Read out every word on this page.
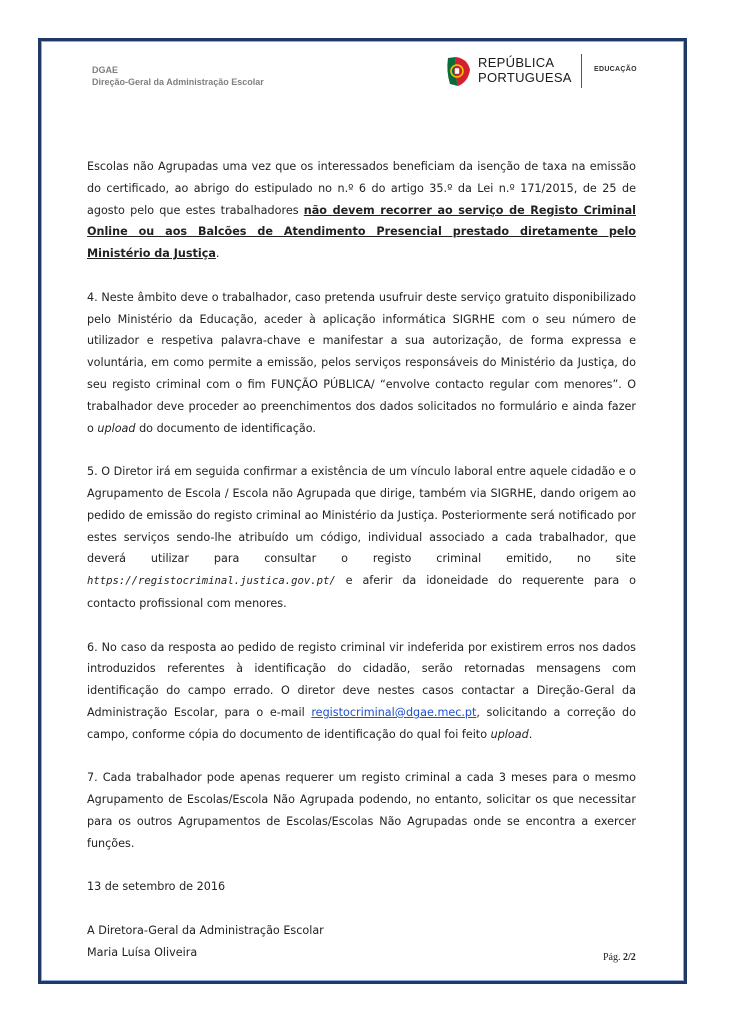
DGAE
Direção-Geral da Administração Escolar
REPÚBLICA
PORTUGUESA
EDUCAÇÃO

Escolas não Agrupadas uma vez que os interessados beneficiam da isenção de taxa na emissão do certificado, ao abrigo do estipulado no n.º 6 do artigo 35.º da Lei n.º 171/2015, de 25 de agosto pelo que estes trabalhadores não devem recorrer ao serviço de Registo Criminal Online ou aos Balcões de Atendimento Presencial prestado diretamente pelo Ministério da Justiça.

4. Neste âmbito deve o trabalhador, caso pretenda usufruir deste serviço gratuito disponibilizado pelo Ministério da Educação, aceder à aplicação informática SIGRHE com o seu número de utilizador e respetiva palavra-chave e manifestar a sua autorização, de forma expressa e voluntária, em como permite a emissão, pelos serviços responsáveis do Ministério da Justiça, do seu registo criminal com o fim FUNÇÃO PÚBLICA/ “envolve contacto regular com menores”. O trabalhador deve proceder ao preenchimentos dos dados solicitados no formulário e ainda fazer o upload do documento de identificação.

5. O Diretor irá em seguida confirmar a existência de um vínculo laboral entre aquele cidadão e o Agrupamento de Escola / Escola não Agrupada que dirige, também via SIGRHE, dando origem ao pedido de emissão do registo criminal ao Ministério da Justiça. Posteriormente será notificado por estes serviços sendo-lhe atribuído um código, individual associado a cada trabalhador, que deverá utilizar para consultar o registo criminal emitido, no site https://registocriminal.justica.gov.pt/ e aferir da idoneidade do requerente para o contacto profissional com menores.

6. No caso da resposta ao pedido de registo criminal vir indeferida por existirem erros nos dados introduzidos referentes à identificação do cidadão, serão retornadas mensagens com identificação do campo errado. O diretor deve nestes casos contactar a Direção-Geral da Administração Escolar, para o e-mail registocriminal@dgae.mec.pt, solicitando a correção do campo, conforme cópia do documento de identificação do qual foi feito upload.

7. Cada trabalhador pode apenas requerer um registo criminal a cada 3 meses para o mesmo Agrupamento de Escolas/Escola Não Agrupada podendo, no entanto, solicitar os que necessitar para os outros Agrupamentos de Escolas/Escolas Não Agrupadas onde se encontra a exercer funções.

13 de setembro de 2016

A Diretora-Geral da Administração Escolar

Maria Luísa Oliveira	Pág. 2/2
